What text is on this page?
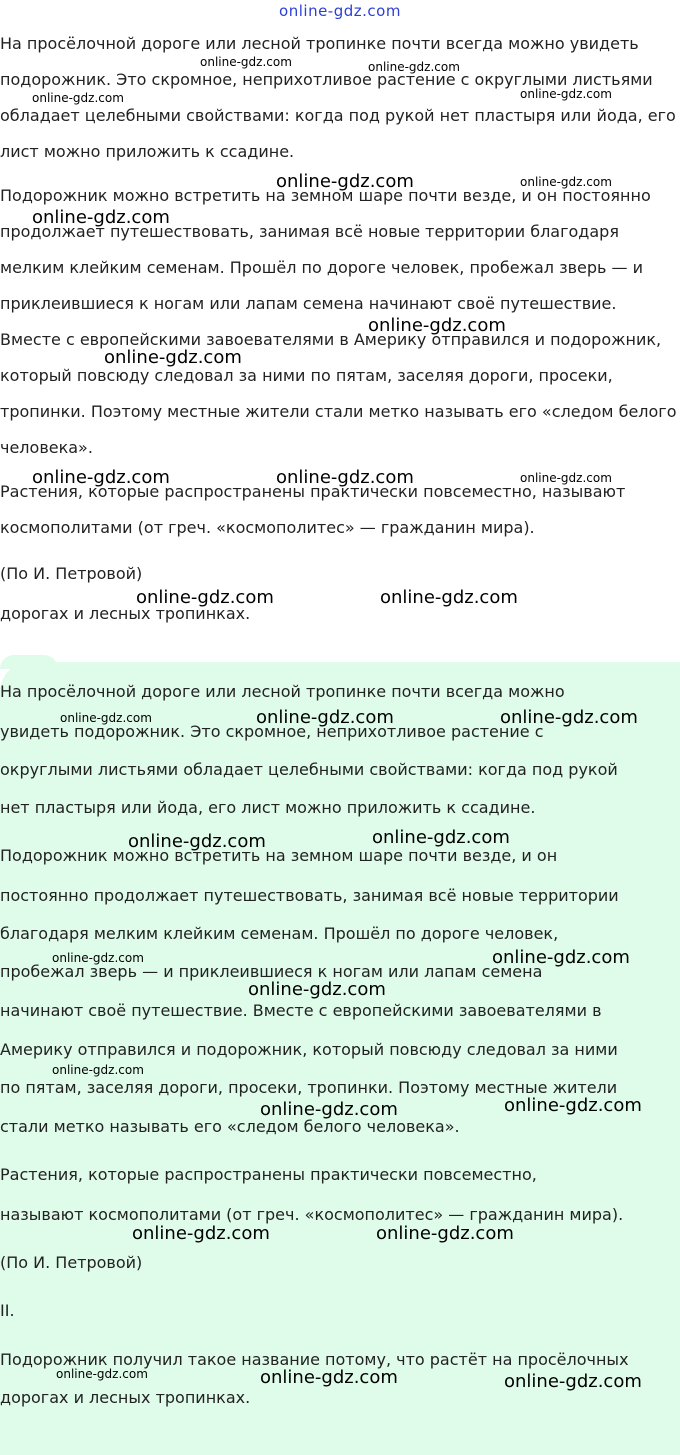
online-gdz.com
На просёлочной дороге или лесной тропинке почти всегда можно увидеть
подорожник. Это скромное, неприхотливое растение с округлыми листьями
обладает целебными свойствами: когда под рукой нет пластыря или йода, его
лист можно приложить к ссадине.
Подорожник можно встретить на земном шаре почти везде, и он постоянно
продолжает путешествовать, занимая всё новые территории благодаря
мелким клейким семенам. Прошёл по дороге человек, пробежал зверь — и
приклеившиеся к ногам или лапам семена начинают своё путешествие.
Вместе с европейскими завоевателями в Америку отправился и подорожник,
который повсюду следовал за ними по пятам, заселяя дороги, просеки,
тропинки. Поэтому местные жители стали метко называть его «следом белого
человека».
Растения, которые распространены практически повсеместно, называют
космополитами (от греч. «космополитес» — гражданин мира).
(По И. Петровой)
дорогах и лесных тропинках.
На просёлочной дороге или лесной тропинке почти всегда можно
увидеть подорожник. Это скромное, неприхотливое растение с
округлыми листьями обладает целебными свойствами: когда под рукой
нет пластыря или йода, его лист можно приложить к ссадине.
Подорожник можно встретить на земном шаре почти везде, и он
постоянно продолжает путешествовать, занимая всё новые территории
благодаря мелким клейким семенам. Прошёл по дороге человек,
пробежал зверь — и приклеившиеся к ногам или лапам семена
начинают своё путешествие. Вместе с европейскими завоевателями в
Америку отправился и подорожник, который повсюду следовал за ними
по пятам, заселяя дороги, просеки, тропинки. Поэтому местные жители
стали метко называть его «следом белого человека».
Растения, которые распространены практически повсеместно,
называют космополитами (от греч. «космополитес» — гражданин мира).
(По И. Петровой)
II.
Подорожник получил такое название потому, что растёт на просёлочных
дорогах и лесных тропинках.
online-gdz.com	online-gdz.com
online-gdz.com	online-gdz.com
online-gdz.com	online-gdz.com
online-gdz.com
online-gdz.com
online-gdz.com
online-gdz.com	online-gdz.com	online-gdz.com
online-gdz.com	online-gdz.com
online-gdz.com	online-gdz.com	online-gdz.com
online-gdz.com	online-gdz.com
online-gdz.com	online-gdz.com
online-gdz.com
online-gdz.com
online-gdz.com	online-gdz.com
online-gdz.com	online-gdz.com
online-gdz.com	online-gdz.com	online-gdz.com
